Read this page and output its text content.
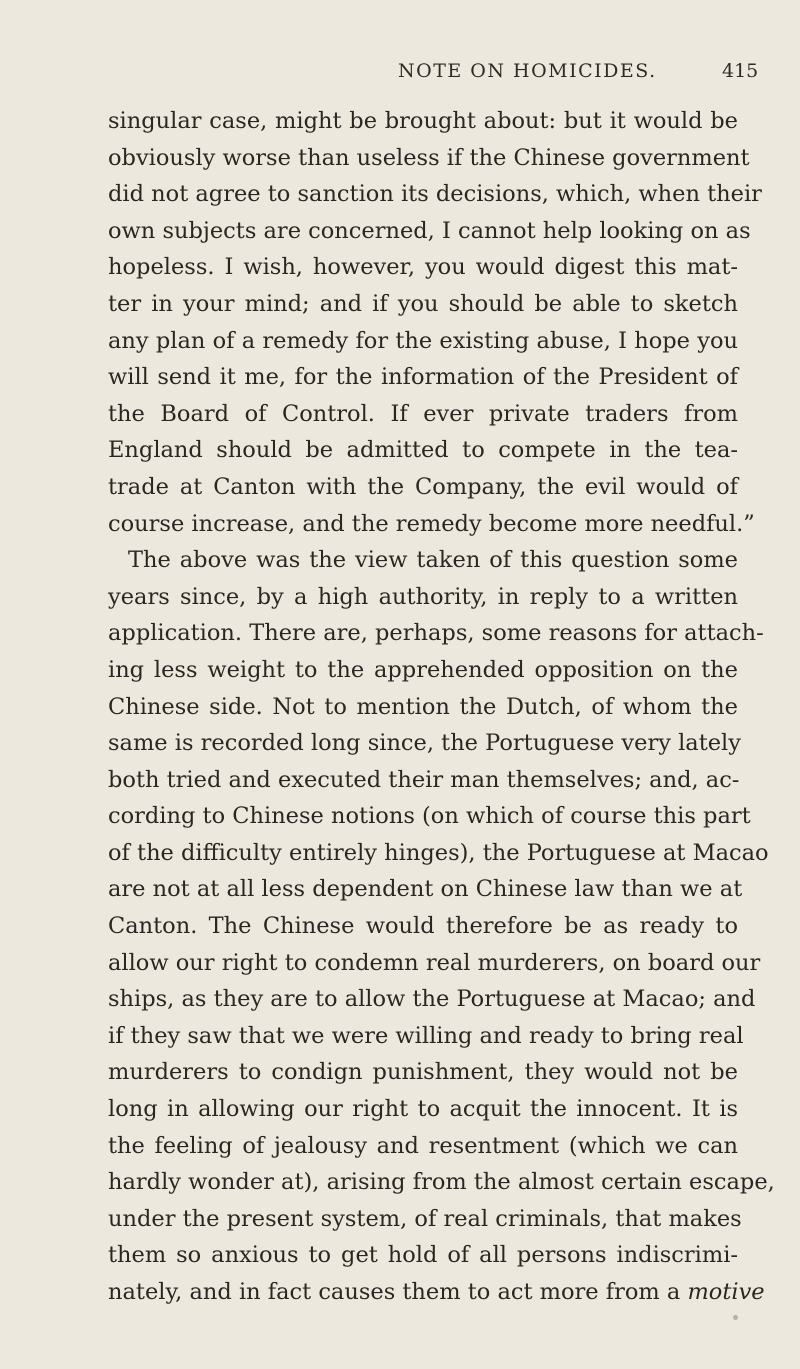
NOTE ON HOMICIDES.	415
singular case, might be brought about: but it would be
obviously worse than useless if the Chinese government
did not agree to sanction its decisions, which, when their
own subjects are concerned, I cannot help looking on as
hopeless. I wish, however, you would digest this mat-
ter in your mind; and if you should be able to sketch
any plan of a remedy for the existing abuse, I hope you
will send it me, for the information of the President of
the Board of Control. If ever private traders from
England should be admitted to compete in the tea-
trade at Canton with the Company, the evil would of
course increase, and the remedy become more needful.”
The above was the view taken of this question some
years since, by a high authority, in reply to a written
application. There are, perhaps, some reasons for attach-
ing less weight to the apprehended opposition on the
Chinese side. Not to mention the Dutch, of whom the
same is recorded long since, the Portuguese very lately
both tried and executed their man themselves; and, ac-
cording to Chinese notions (on which of course this part
of the difficulty entirely hinges), the Portuguese at Macao
are not at all less dependent on Chinese law than we at
Canton. The Chinese would therefore be as ready to
allow our right to condemn real murderers, on board our
ships, as they are to allow the Portuguese at Macao; and
if they saw that we were willing and ready to bring real
murderers to condign punishment, they would not be
long in allowing our right to acquit the innocent. It is
the feeling of jealousy and resentment (which we can
hardly wonder at), arising from the almost certain escape,
under the present system, of real criminals, that makes
them so anxious to get hold of all persons indiscrimi-
nately, and in fact causes them to act more from a motive
